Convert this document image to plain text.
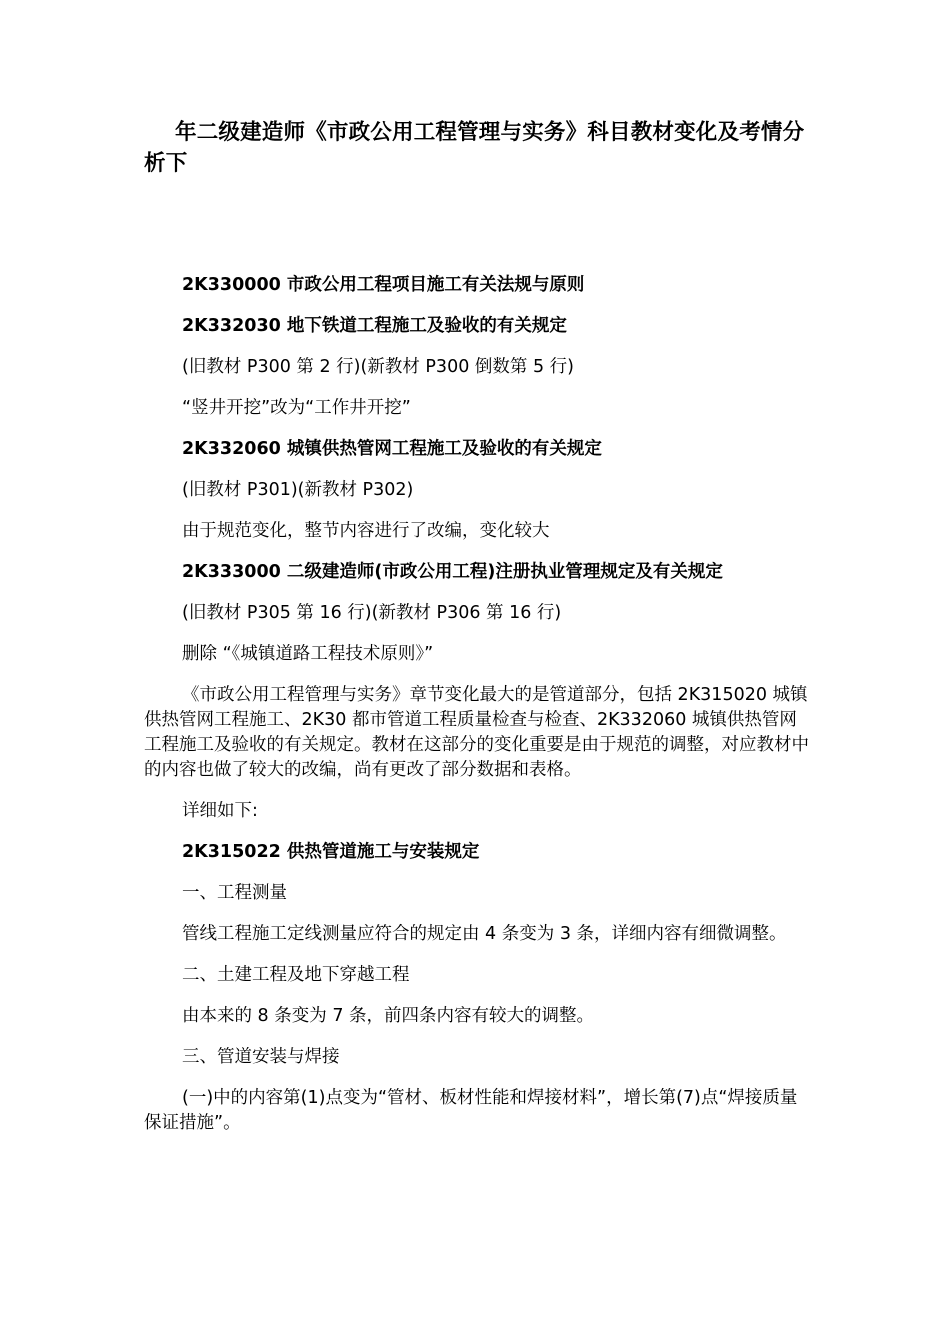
年二级建造师《市政公用工程管理与实务》科目教材变化及考情分析下

2K330000 市政公用工程项目施工有关法规与原则

2K332030 地下铁道工程施工及验收的有关规定

(旧教材 P300 第 2 行)(新教材 P300 倒数第 5 行)

“竖井开挖”改为“工作井开挖”

2K332060 城镇供热管网工程施工及验收的有关规定

(旧教材 P301)(新教材 P302)

由于规范变化，整节内容进行了改编，变化较大

2K333000 二级建造师(市政公用工程)注册执业管理规定及有关规定

(旧教材 P305 第 16 行)(新教材 P306 第 16 行)

删除 “《城镇道路工程技术原则》”

《市政公用工程管理与实务》章节变化最大的是管道部分，包括 2K315020 城镇供热管网工程施工、2K30 都市管道工程质量检查与检查、2K332060 城镇供热管网工程施工及验收的有关规定。教材在这部分的变化重要是由于规范的调整，对应教材中的内容也做了较大的改编，尚有更改了部分数据和表格。

详细如下:

2K315022 供热管道施工与安装规定

一、工程测量

管线工程施工定线测量应符合的规定由 4 条变为 3 条，详细内容有细微调整。

二、土建工程及地下穿越工程

由本来的 8 条变为 7 条，前四条内容有较大的调整。

三、管道安装与焊接

(一)中的内容第(1)点变为“管材、板材性能和焊接材料”，增长第(7)点“焊接质量保证措施”。
